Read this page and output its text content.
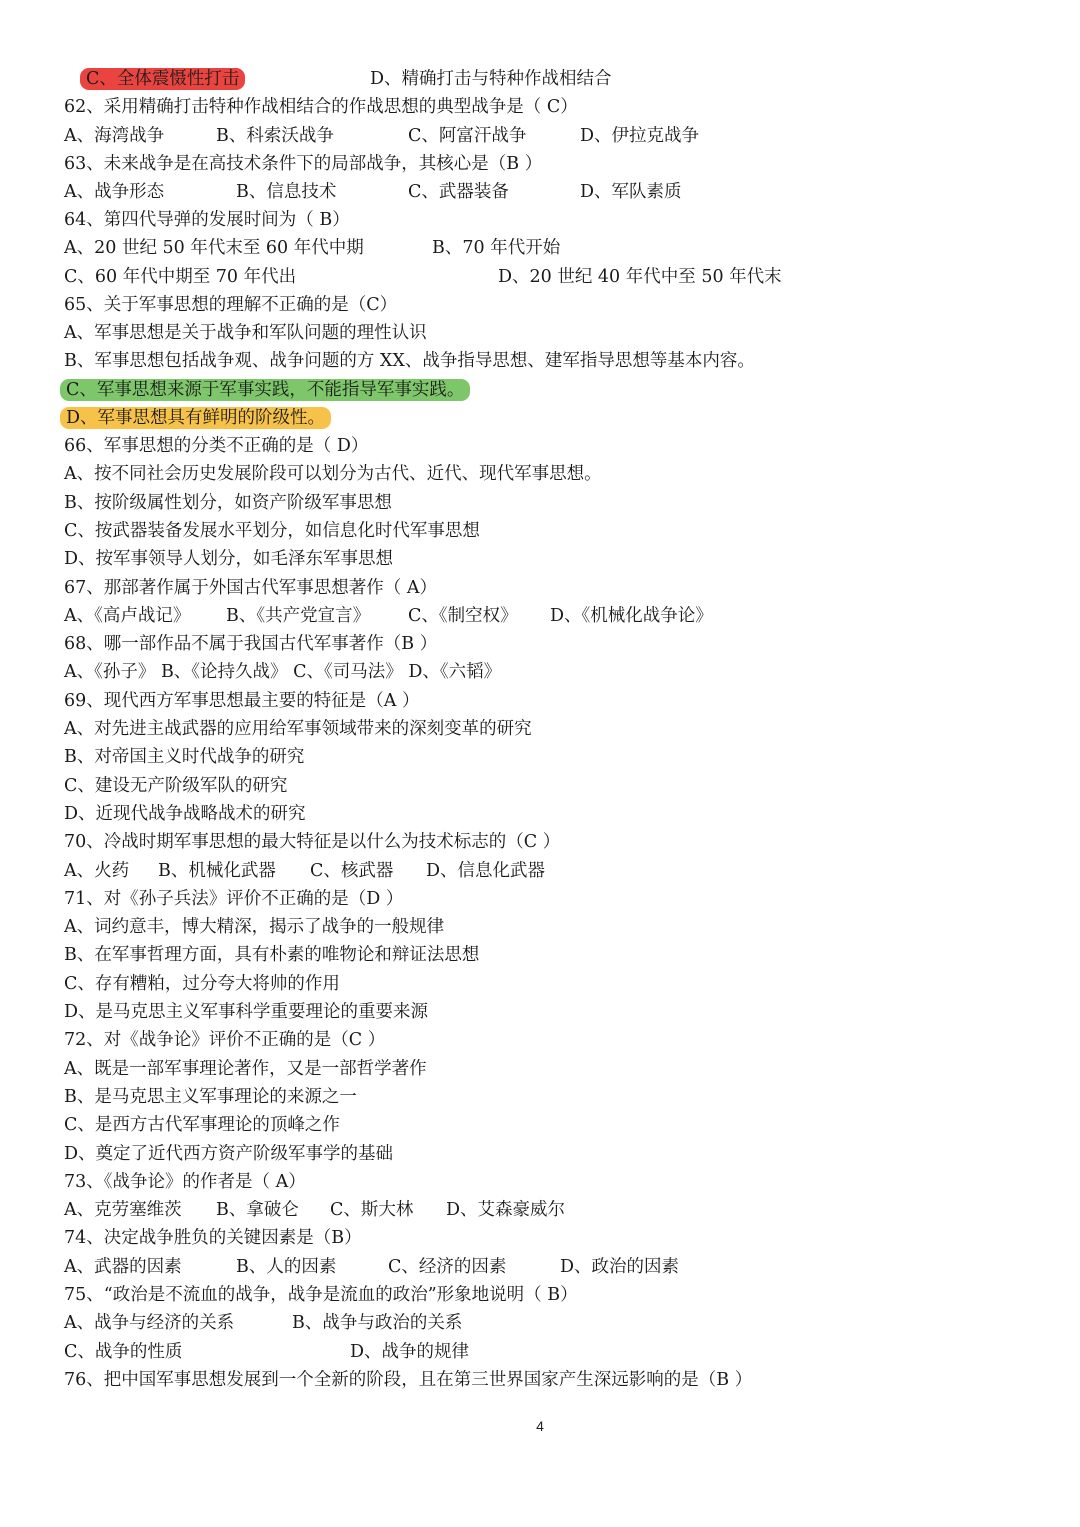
C、全体震慑性打击

	D、精确打击与特种作战相结合

62、采用精确打击特种作战相结合的作战思想的典型战争是（ C）

A、海湾战争

	B、科索沃战争

	C、阿富汗战争

	D、伊拉克战争

63、未来战争是在高技术条件下的局部战争，其核心是（B ）

A、战争形态

	B、信息技术

	C、武器装备

	D、军队素质

64、第四代导弹的发展时间为（ B）

A、20 世纪 50 年代末至 60 年代中期

	B、70 年代开始

C、60 年代中期至 70 年代出

	D、20 世纪 40 年代中至 50 年代末

65、关于军事思想的理解不正确的是（C）

A、军事思想是关于战争和军队问题的理性认识

B、军事思想包括战争观、战争问题的方 XX、战争指导思想、建军指导思想等基本内容。

C、军事思想来源于军事实践，不能指导军事实践。

D、军事思想具有鲜明的阶级性。

66、军事思想的分类不正确的是（ D）

A、按不同社会历史发展阶段可以划分为古代、近代、现代军事思想。

B、按阶级属性划分，如资产阶级军事思想

C、按武器装备发展水平划分，如信息化时代军事思想

D、按军事领导人划分，如毛泽东军事思想

67、那部著作属于外国古代军事思想著作（ A）

A、《高卢战记》

B、《共产党宣言》

C、《制空权》

D、《机械化战争论》

68、哪一部作品不属于我国古代军事著作（B ）

A、《孙子》 B、《论持久战》 C、《司马法》 D、《六韬》

69、现代西方军事思想最主要的特征是（A ）

A、对先进主战武器的应用给军事领域带来的深刻变革的研究

B、对帝国主义时代战争的研究

C、建设无产阶级军队的研究

D、近现代战争战略战术的研究

70、冷战时期军事思想的最大特征是以什么为技术标志的（C ）

A、火药

B、机械化武器

C、核武器

D、信息化武器

71、对《孙子兵法》评价不正确的是（D ）

A、词约意丰，博大精深，揭示了战争的一般规律

B、在军事哲理方面，具有朴素的唯物论和辩证法思想

C、存有糟粕，过分夸大将帅的作用

D、是马克思主义军事科学重要理论的重要来源

72、对《战争论》评价不正确的是（C ）

A、既是一部军事理论著作，又是一部哲学著作

B、是马克思主义军事理论的来源之一

C、是西方古代军事理论的顶峰之作

D、奠定了近代西方资产阶级军事学的基础

73、《战争论》的作者是（ A）

A、克劳塞维茨

B、拿破仑

C、斯大林

D、艾森豪威尔

74、决定战争胜负的关键因素是（B）

A、武器的因素

	B、人的因素

	C、经济的因素

	D、政治的因素

75、“政治是不流血的战争，战争是流血的政治”形象地说明（ B）

A、战争与经济的关系

	B、战争与政治的关系

C、战争的性质

	D、战争的规律

76、把中国军事思想发展到一个全新的阶段，且在第三世界国家产生深远影响的是（B ）

4
